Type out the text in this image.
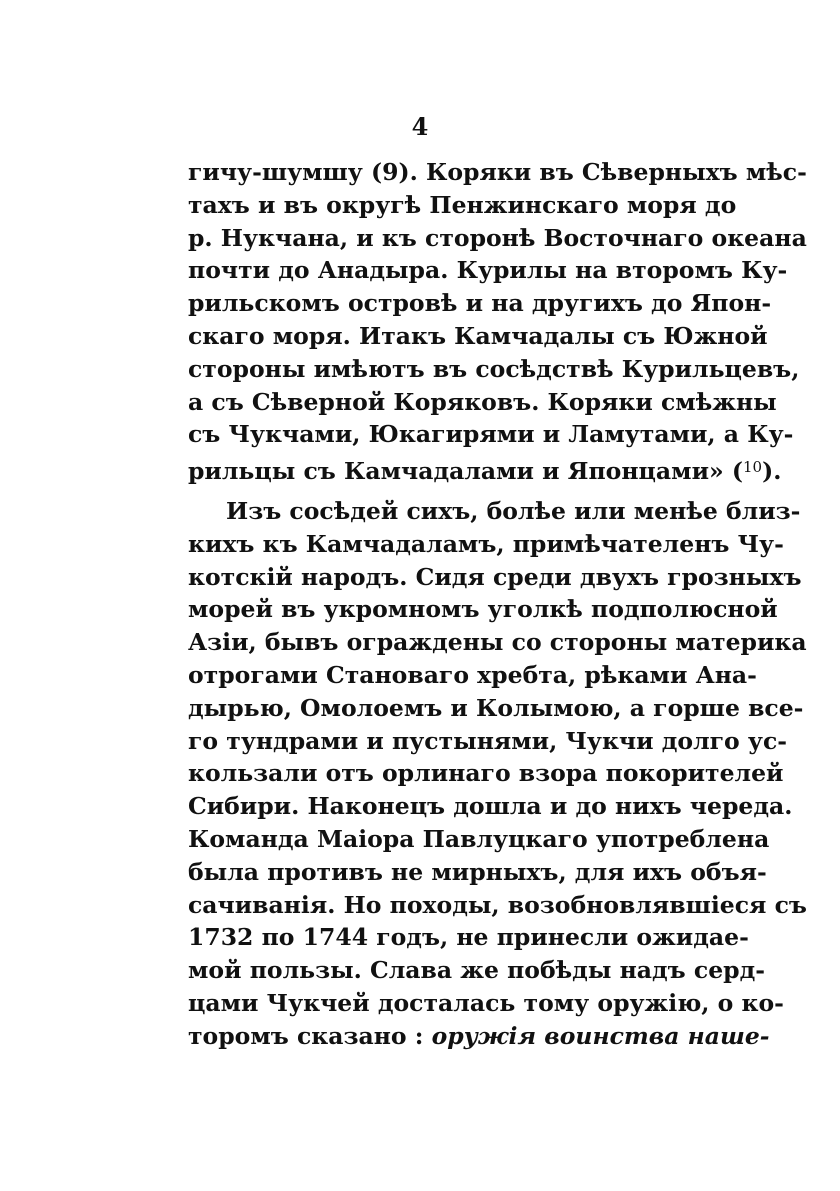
4
гичу-шумшу (9). Коряки въ Сѣверныхъ мѣс-
тахъ и въ округѣ Пенжинскаго моря до
р. Нукчана, и къ сторонѣ Восточнаго океана
почти до Анадыра. Курилы на второмъ Ку-
рильскомъ островѣ и на другихъ до Япон-
скаго моря. Итакъ Камчадалы съ Южной
стороны имѣютъ въ сосѣдствѣ Курильцевъ,
а съ Сѣверной Коряковъ. Коряки смѣжны
съ Чукчами, Юкагирями и Ламутами, а Ку-
рильцы съ Камчадалами и Японцами» ($^{10}$).
Изъ сосѣдей сихъ, болѣе или менѣе близ-
кихъ къ Камчадаламъ, примѣчателенъ Чу-
котскій народъ. Сидя среди двухъ грозныхъ
морей въ укромномъ уголкѣ подполюсной
Азіи, бывъ ограждены со стороны материка
отрогами Становаго хребта, рѣками Ана-
дырью, Омолоемъ и Колымою, а горше все-
го тундрами и пустынями, Чукчи долго ус-
кользали отъ орлинаго взора покорителей
Сибири. Наконецъ дошла и до нихъ череда.
Команда Маіора Павлуцкаго употреблена
была противъ не мирныхъ, для ихъ объя-
сачиванія. Но походы, возобновлявшіеся съ
1732 по 1744 годъ, не принесли ожидае-
мой пользы. Слава же побѣды надъ серд-
цами Чукчей досталась тому оружію, о ко-
торомъ сказано : оружія воинства наше-
